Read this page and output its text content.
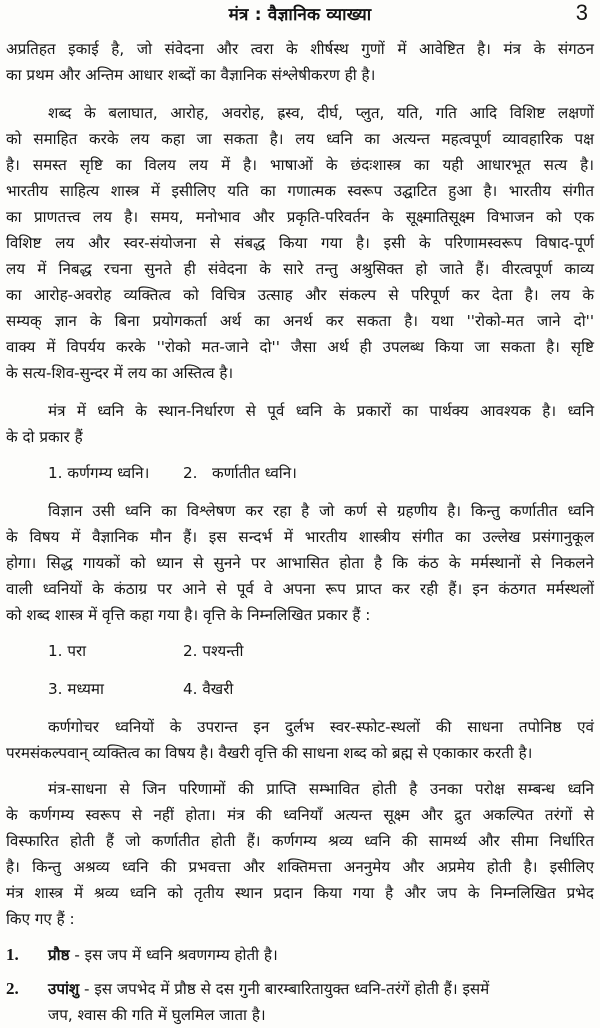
मंत्र : वैज्ञानिक व्याख्या	3
अप्रतिहत इकाई है, जो संवेदना और त्वरा के शीर्षस्थ गुणों में आवेष्टित है। मंत्र के संगठन
का प्रथम और अन्तिम आधार शब्दों का वैज्ञानिक संश्लेषीकरण ही है।
शब्द के बलाघात, आरोह, अवरोह, ह्रस्व, दीर्घ, प्लुत, यति, गति आदि विशिष्ट लक्षणों
को समाहित करके लय कहा जा सकता है। लय ध्वनि का अत्यन्त महत्वपूर्ण व्यावहारिक पक्ष
है। समस्त सृष्टि का विलय लय में है। भाषाओं के छंदःशास्त्र का यही आधारभूत सत्य है।
भारतीय साहित्य शास्त्र में इसीलिए यति का गणात्मक स्वरूप उद्घाटित हुआ है। भारतीय संगीत
का प्राणतत्त्व लय है। समय, मनोभाव और प्रकृति-परिवर्तन के सूक्ष्मातिसूक्ष्म विभाजन को एक
विशिष्ट लय और स्वर-संयोजना से संबद्ध किया गया है। इसी के परिणामस्वरूप विषाद-पूर्ण
लय में निबद्ध रचना सुनते ही संवेदना के सारे तन्तु अश्रुसिक्त हो जाते हैं। वीरत्वपूर्ण काव्य
का आरोह-अवरोह व्यक्तित्व को विचित्र उत्साह और संकल्प से परिपूर्ण कर देता है। लय के
सम्यक् ज्ञान के बिना प्रयोगकर्ता अर्थ का अनर्थ कर सकता है। यथा ''रोको-मत जाने दो''
वाक्य में विपर्यय करके ''रोको मत-जाने दो'' जैसा अर्थ ही उपलब्ध किया जा सकता है। सृष्टि
के सत्य-शिव-सुन्दर में लय का अस्तित्व है।
मंत्र में ध्वनि के स्थान-निर्धारण से पूर्व ध्वनि के प्रकारों का पार्थक्य आवश्यक है। ध्वनि
के दो प्रकार हैं
1. कर्णगम्य ध्वनि। 2. कर्णातीत ध्वनि।
विज्ञान उसी ध्वनि का विश्लेषण कर रहा है जो कर्ण से ग्रहणीय है। किन्तु कर्णातीत ध्वनि
के विषय में वैज्ञानिक मौन हैं। इस सन्दर्भ में भारतीय शास्त्रीय संगीत का उल्लेख प्रसंगानुकूल
होगा। सिद्ध गायकों को ध्यान से सुनने पर आभासित होता है कि कंठ के मर्मस्थानों से निकलने
वाली ध्वनियों के कंठाग्र पर आने से पूर्व वे अपना रूप प्राप्त कर रही हैं। इन कंठगत मर्मस्थलों
को शब्द शास्त्र में वृत्ति कहा गया है। वृत्ति के निम्नलिखित प्रकार हैं :
1. परा	2. पश्यन्ती
3. मध्यमा	4. वैखरी
कर्णगोचर ध्वनियों के उपरान्त इन दुर्लभ स्वर-स्फोट-स्थलों की साधना तपोनिष्ठ एवं
परमसंकल्पवान् व्यक्तित्व का विषय है। वैखरी वृत्ति की साधना शब्द को ब्रह्म से एकाकार करती है।
मंत्र-साधना से जिन परिणामों की प्राप्ति सम्भावित होती है उनका परोक्ष सम्बन्ध ध्वनि
के कर्णगम्य स्वरूप से नहीं होता। मंत्र की ध्वनियाँ अत्यन्त सूक्ष्म और द्रुत अकल्पित तरंगों से
विस्फारित होती हैं जो कर्णातीत होती हैं। कर्णगम्य श्रव्य ध्वनि की सामर्थ्य और सीमा निर्धारित
है। किन्तु अश्रव्य ध्वनि की प्रभवत्ता और शक्तिमत्ता अननुमेय और अप्रमेय होती है। इसीलिए
मंत्र शास्त्र में श्रव्य ध्वनि को तृतीय स्थान प्रदान किया गया है और जप के निम्नलिखित प्रभेद
किए गए हैं :
1. प्रौष्ठ - इस जप में ध्वनि श्रवणगम्य होती है।
2. उपांशु - इस जपभेद में प्रौष्ठ से दस गुनी बारम्बारितायुक्त ध्वनि-तरंगें होती हैं। इसमें
जप, श्वास की गति में घुलमिल जाता है।
